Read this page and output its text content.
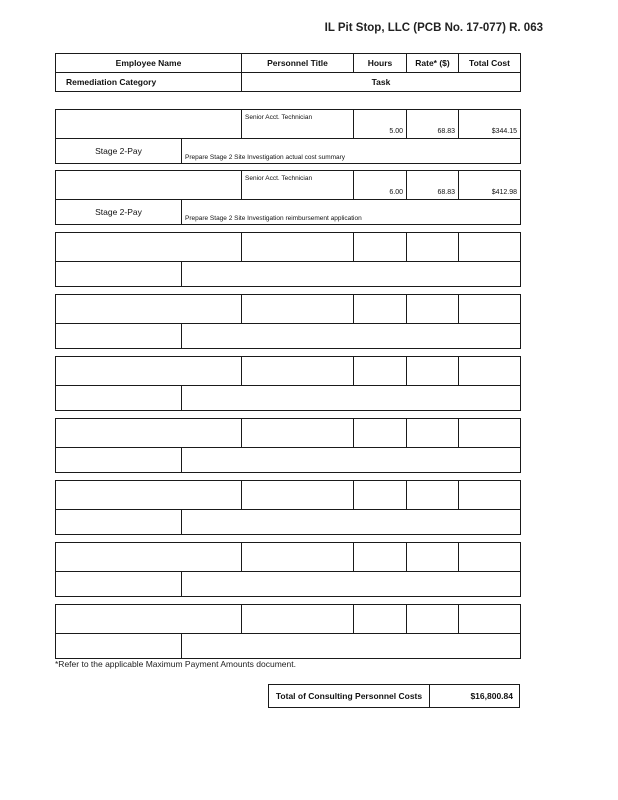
IL Pit Stop, LLC (PCB No. 17-077) R. 063
Employee Name	Personnel Title	Hours	Rate* ($)	Total Cost
Remediation Category	Task			
		Senior Acct. Technician	5.00	68.83	$344.15
Stage 2-Pay	Prepare Stage 2 Site Investigation actual cost summary				
		Senior Acct. Technician	6.00	68.83	$412.98
Stage 2-Pay	Prepare Stage 2 Site Investigation reimbursement application				

*Refer to the applicable Maximum Payment Amounts document.
Total of Consulting Personnel Costs	$16,800.84
